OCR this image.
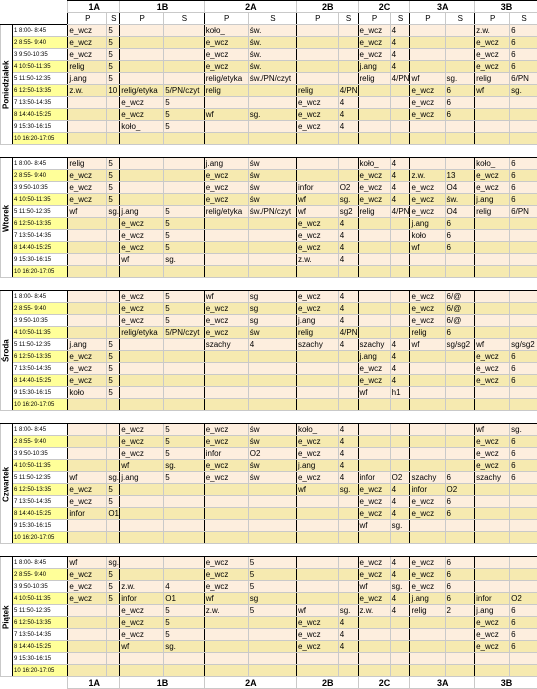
		1A		1B		2A		2B		2C		3A		3B	
		P	S	P	S	P	S	P	S	P	S	P	S	P	S
Poniedziałek	1 8:00- 8:45	e_wcz	5			koło_	św.			e_wcz	4			z.w.	6
	2 8:55- 9:40	e_wcz	5			e_wcz	św.			e_wcz	4			e_wcz	6
	3 9:50-10:35	e_wcz	5			e_wcz	św.			e_wcz	4			e_wcz	6
	4 10:50-11:35	relig	5			e_wcz	św.			j.ang	4			e_wcz	6
	5 11:50-12:35	j.ang	5			relig/etyka	św./PN/czyt			relig	4/PN	wf	sg.	relig	6/PN
	6 12:50-13:35	z.w.	10	relig/etyka	5/PN/czyt	relig		relig	4/PN			e_wcz	6	wf	sg.
	7 13:50-14:35			e_wcz	5			e_wcz	4			e_wcz	6		
	8 14:40-15:25			e_wcz	5	wf	sg.	e_wcz	4			e_wcz	6		
	9 15:30-16:15			koło_	5			e_wcz	4						
	10 16:20-17:05														

Wtorek	1 8:00- 8:45	relig	5			j.ang	św			koło_	4			koło_	6
	2 8:55- 9:40	e_wcz	5			e_wcz	św			e_wcz	4	z.w.	13	e_wcz	6
	3 9:50-10:35	e_wcz	5			e_wcz	św	infor	O2	e_wcz	4	e_wcz	O4	e_wcz	6
	4 10:50-11:35	e_wcz	5			e_wcz	św	wf	sg.	e_wcz	4	e_wcz	św.	j.ang	6
	5 11:50-12:35	wf	sg.	j.ang	5	relig/etyka	św./PN/czyt	wf	sg2	relig	4/PN	e_wcz	O4	relig	6/PN
	6 12:50-13:35			e_wcz	5			e_wcz	4			j.ang	6		
	7 13:50-14:35			e_wcz	5			e_wcz	4			koło	6		
	8 14:40-15:25			e_wcz	5			e_wcz	4			wf	6		
	9 15:30-16:15			wf	sg.			z.w.	4						
	10 16:20-17:05														

Środa	1 8:00- 8:45			e_wcz	5	wf	sg	e_wcz	4			e_wcz	6/@		
	2 8:55- 9:40			e_wcz	5	e_wcz	sg	e_wcz	4			e_wcz	6/@		
	3 9:50-10:35			e_wcz	5	e_wcz	sg	j.ang	4			e_wcz	6/@		
	4 10:50-11:35			relig/etyka	5/PN/czyt	e_wcz	św	relig	4/PN			relig	6		
	5 11:50-12:35	j.ang	5			szachy	4	szachy	4	szachy	4	wf	sg/sg2	wf	sg/sg2
	6 12:50-13:35	e_wcz	5							j.ang	4			e_wcz	6
	7 13:50-14:35	e_wcz	5							e_wcz	4			e_wcz	6
	8 14:40-15:25	e_wcz	5							e_wcz	4			e_wcz	6
	9 15:30-16:15	koło	5							wf	h1				
	10 16:20-17:05														

Czwartek	1 8:00- 8:45			e_wcz	5	e_wcz	św	koło_	4					wf	sg.
	2 8:55- 9:40			e_wcz	5	e_wcz	św	e_wcz	4					e_wcz	6
	3 9:50-10:35			e_wcz	5	infor	O2	e_wcz	4					e_wcz	6
	4 10:50-11:35			wf	sg.	e_wcz	św	j.ang	4					e_wcz	6
	5 11:50-12:35	wf	sg.	j.ang	5	e_wcz	św	e_wcz	4	infor	O2	szachy	6	szachy	6
	6 12:50-13:35	e_wcz	5					wf	sg.	e_wcz	4	infor	O2		
	7 13:50-14:35	e_wcz	5							e_wcz	4	e_wcz	6		
	8 14:40-15:25	infor	O1							e_wcz	4	e_wcz	6		
	9 15:30-16:15									wf	sg.				
	10 16:20-17:05														

Piątek	1 8:00- 8:45	wf	sg.			e_wcz	5			e_wcz	4	e_wcz	6		
	2 8:55- 9:40	e_wcz	5			e_wcz	5			e_wcz	4	e_wcz	6		
	3 9:50-10:35	e_wcz	5	z.w.	4	e_wcz	5			wf	sg.	e_wcz	6		
	4 10:50-11:35	e_wcz	5	infor	O1	wf	sg			e_wcz	4	j.ang	6	infor	O2
	5 11:50-12:35			e_wcz	5	z.w.	5	wf	sg.	z.w.	4	relig	2	j.ang	6
	6 12:50-13:35			e_wcz	5			e_wcz	4					e_wcz	6
	7 13:50-14:35			e_wcz	5			e_wcz	4					e_wcz	6
	8 14:40-15:25			wf	sg.			e_wcz	4					e_wcz	6
	9 15:30-16:15														
	10 16:20-17:05														
		1A		1B		2A		2B		2C		3A		3B	
